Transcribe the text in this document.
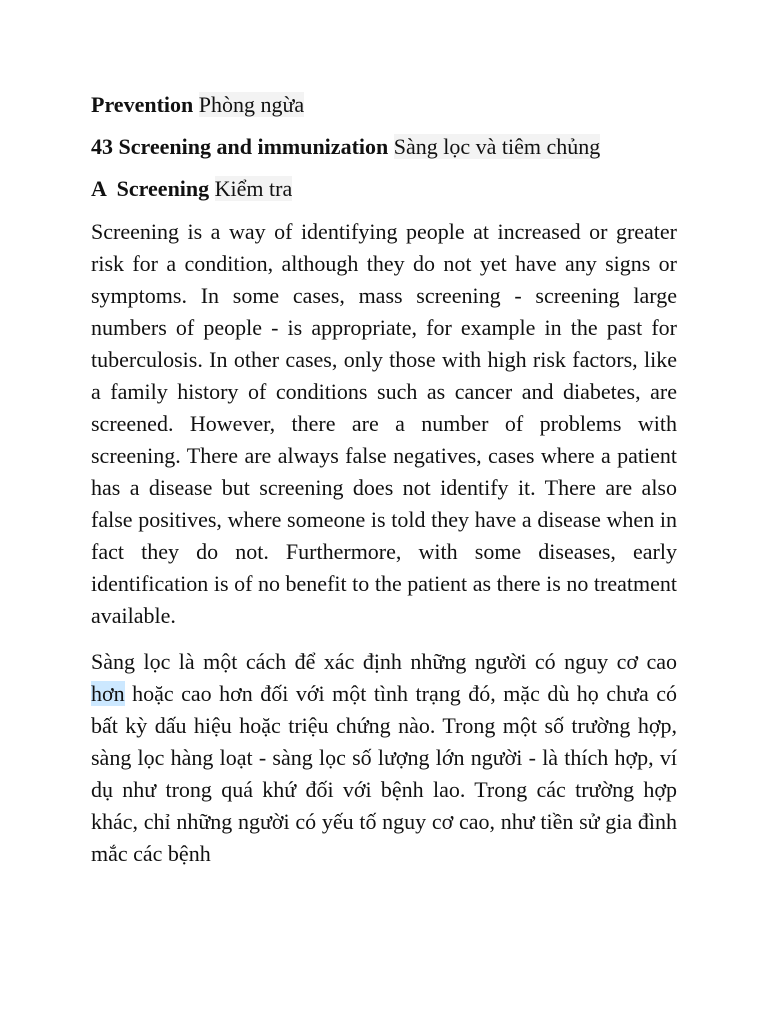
Prevention Phòng ngừa
43 Screening and immunization Sàng lọc và tiêm chủng
A  Screening Kiểm tra

Screening is a way of identifying people at increased or greater risk for a condition, although they do not yet have any signs or symptoms. In some cases, mass screening - screening large numbers of people - is appropriate, for example in the past for tuberculosis. In other cases, only those with high risk factors, like a family history of conditions such as cancer and diabetes, are screened. However, there are a number of problems with screening. There are always false negatives, cases where a patient has a disease but screening does not identify it. There are also false positives, where someone is told they have a disease when in fact they do not. Furthermore, with some diseases, early identification is of no benefit to the patient as there is no treatment available.

Sàng lọc là một cách để xác định những người có nguy cơ cao hơn hoặc cao hơn đối với một tình trạng đó, mặc dù họ chưa có bất kỳ dấu hiệu hoặc triệu chứng nào. Trong một số trường hợp, sàng lọc hàng loạt - sàng lọc số lượng lớn người - là thích hợp, ví dụ như trong quá khứ đối với bệnh lao. Trong các trường hợp khác, chỉ những người có yếu tố nguy cơ cao, như tiền sử gia đình mắc các bệnh
